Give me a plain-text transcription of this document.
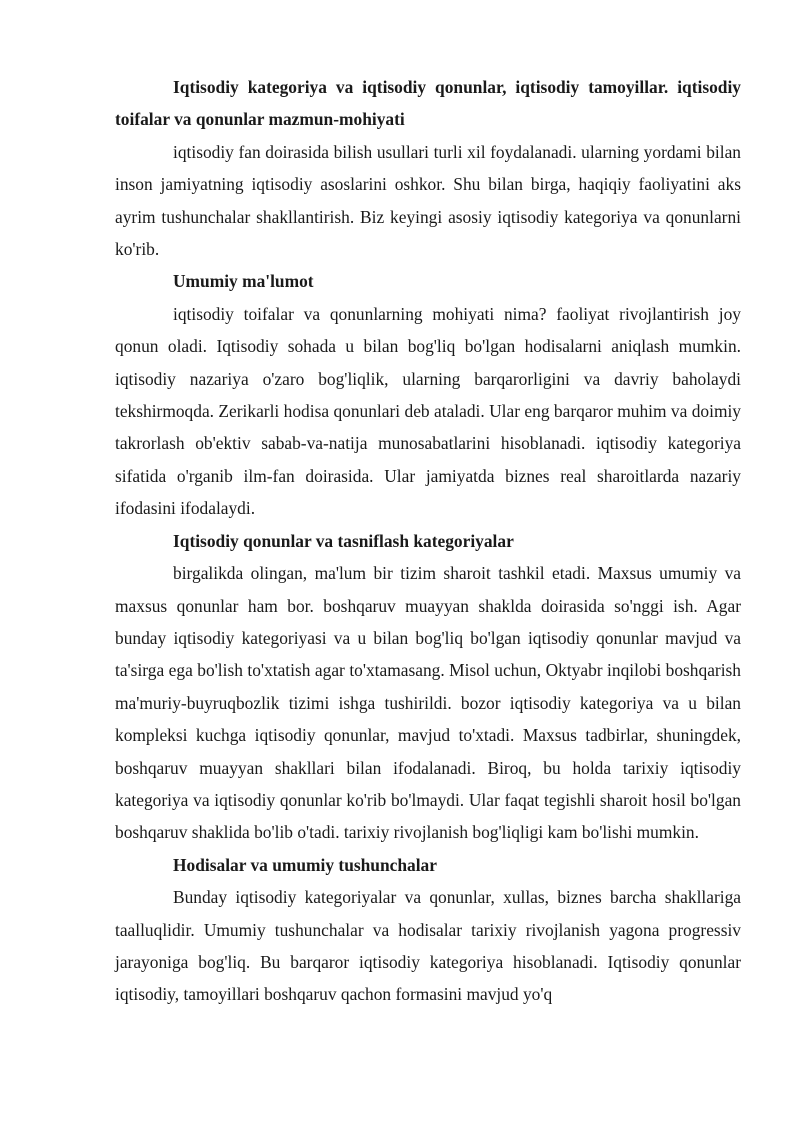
Iqtisodiy kategoriya va iqtisodiy qonunlar, iqtisodiy tamoyillar. iqtisodiy toifalar va qonunlar mazmun-mohiyati

iqtisodiy fan doirasida bilish usullari turli xil foydalanadi. ularning yordami bilan inson jamiyatning iqtisodiy asoslarini oshkor. Shu bilan birga, haqiqiy faoliyatini aks ayrim tushunchalar shakllantirish. Biz keyingi asosiy iqtisodiy kategoriya va qonunlarni ko'rib.

Umumiy ma'lumot

iqtisodiy toifalar va qonunlarning mohiyati nima? faoliyat rivojlantirish joy qonun oladi. Iqtisodiy sohada u bilan bog'liq bo'lgan hodisalarni aniqlash mumkin. iqtisodiy nazariya o'zaro bog'liqlik, ularning barqarorligini va davriy baholaydi tekshirmoqda. Zerikarli hodisa qonunlari deb ataladi. Ular eng barqaror muhim va doimiy takrorlash ob'ektiv sabab-va-natija munosabatlarini hisoblanadi. iqtisodiy kategoriya sifatida o'rganib ilm-fan doirasida. Ular jamiyatda biznes real sharoitlarda nazariy ifodasini ifodalaydi.

Iqtisodiy qonunlar va tasniflash kategoriyalar

birgalikda olingan, ma'lum bir tizim sharoit tashkil etadi. Maxsus umumiy va maxsus qonunlar ham bor. boshqaruv muayyan shaklda doirasida so'nggi ish. Agar bunday iqtisodiy kategoriyasi va u bilan bog'liq bo'lgan iqtisodiy qonunlar mavjud va ta'sirga ega bo'lish to'xtatish agar to'xtamasang. Misol uchun, Oktyabr inqilobi boshqarish ma'muriy-buyruqbozlik tizimi ishga tushirildi. bozor iqtisodiy kategoriya va u bilan kompleksi kuchga iqtisodiy qonunlar, mavjud to'xtadi. Maxsus tadbirlar, shuningdek, boshqaruv muayyan shakllari bilan ifodalanadi. Biroq, bu holda tarixiy iqtisodiy kategoriya va iqtisodiy qonunlar ko'rib bo'lmaydi. Ular faqat tegishli sharoit hosil bo'lgan boshqaruv shaklida bo'lib o'tadi. tarixiy rivojlanish bog'liqligi kam bo'lishi mumkin.

Hodisalar va umumiy tushunchalar

Bunday iqtisodiy kategoriyalar va qonunlar, xullas, biznes barcha shakllariga taalluqlidir. Umumiy tushunchalar va hodisalar tarixiy rivojlanish yagona progressiv jarayoniga bog'liq. Bu barqaror iqtisodiy kategoriya hisoblanadi. Iqtisodiy qonunlar iqtisodiy, tamoyillari boshqaruv qachon formasini mavjud yo'q
